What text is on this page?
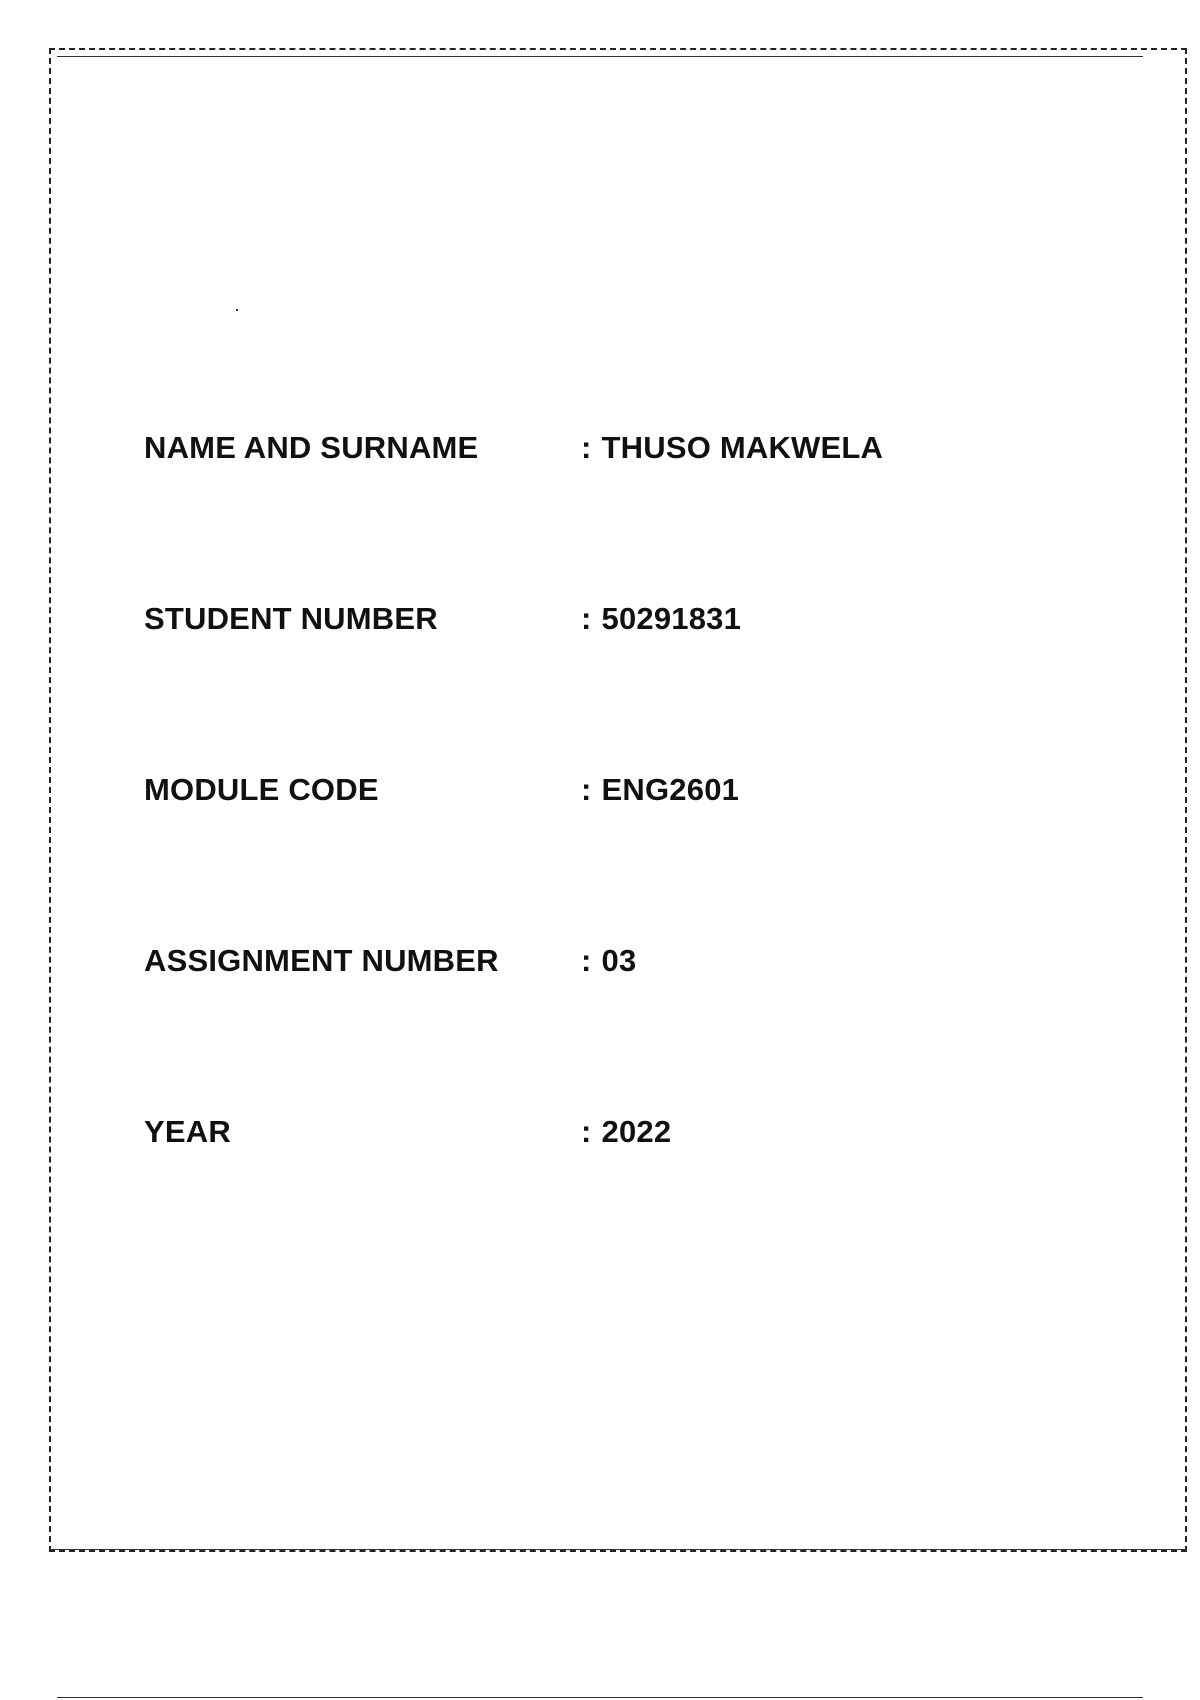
NAME AND SURNAME	: THUSO MAKWELA
STUDENT NUMBER	: 50291831
MODULE CODE	: ENG2601
ASSIGNMENT NUMBER	: 03
YEAR	: 2022
